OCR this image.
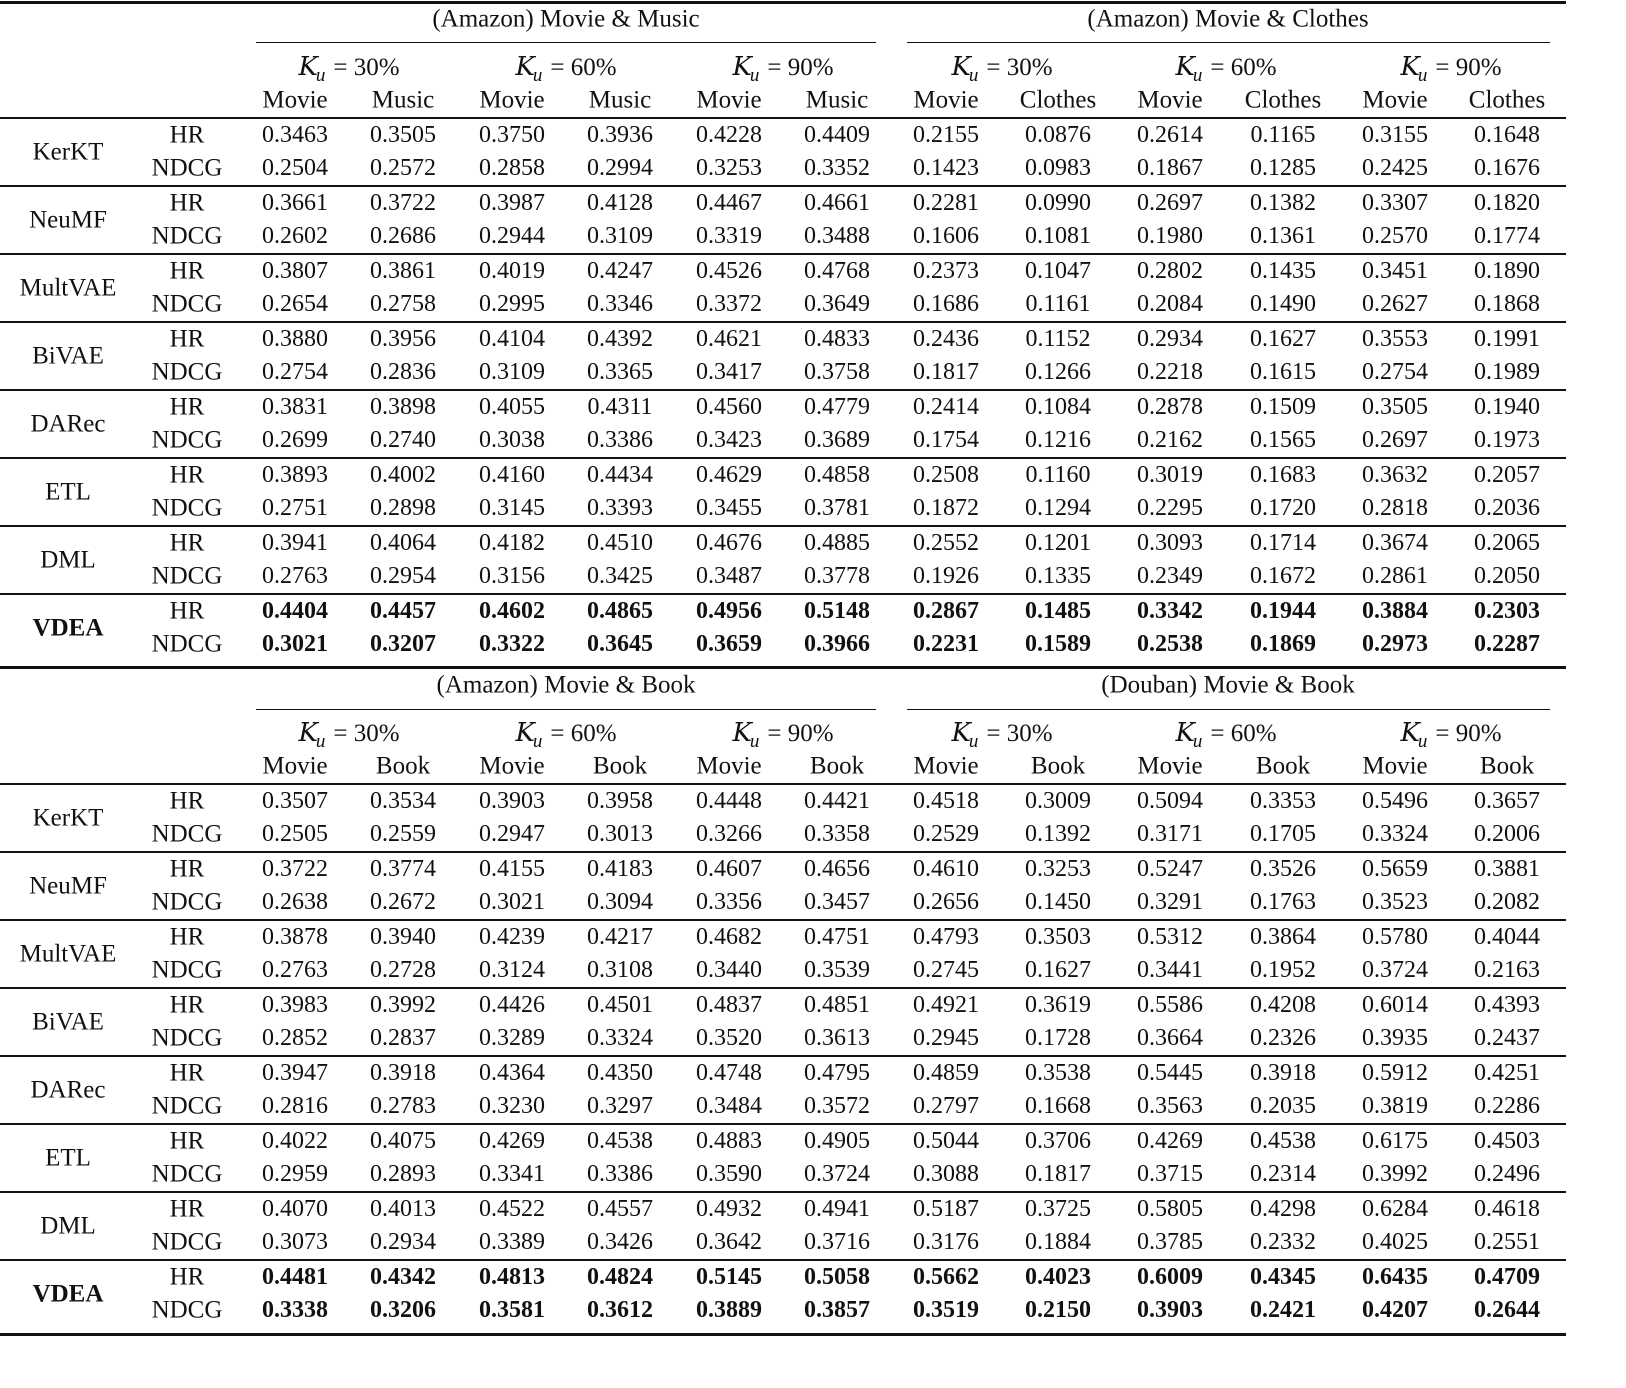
(Amazon) Movie & Music
$K_u = 30\%$
Movie Music
$K_u = 60\%$
Movie Music
$K_u = 90\%$
Movie Music
(Amazon) Movie & Clothes
$K_u = 30\%$
Movie Clothes
$K_u = 60\%$
Movie Clothes
$K_u = 90\%$
Movie Clothes
KerKT
HR 0.3463 0.3505 0.3750 0.3936 0.4228 0.4409 0.2155 0.0876 0.2614 0.1165 0.3155 0.1648
NDCG 0.2504 0.2572 0.2858 0.2994 0.3253 0.3352 0.1423 0.0983 0.1867 0.1285 0.2425 0.1676
NeuMF
HR 0.3661 0.3722 0.3987 0.4128 0.4467 0.4661 0.2281 0.0990 0.2697 0.1382 0.3307 0.1820
NDCG 0.2602 0.2686 0.2944 0.3109 0.3319 0.3488 0.1606 0.1081 0.1980 0.1361 0.2570 0.1774
MultVAE
HR 0.3807 0.3861 0.4019 0.4247 0.4526 0.4768 0.2373 0.1047 0.2802 0.1435 0.3451 0.1890
NDCG 0.2654 0.2758 0.2995 0.3346 0.3372 0.3649 0.1686 0.1161 0.2084 0.1490 0.2627 0.1868
BiVAE
HR 0.3880 0.3956 0.4104 0.4392 0.4621 0.4833 0.2436 0.1152 0.2934 0.1627 0.3553 0.1991
NDCG 0.2754 0.2836 0.3109 0.3365 0.3417 0.3758 0.1817 0.1266 0.2218 0.1615 0.2754 0.1989
DARec
HR 0.3831 0.3898 0.4055 0.4311 0.4560 0.4779 0.2414 0.1084 0.2878 0.1509 0.3505 0.1940
NDCG 0.2699 0.2740 0.3038 0.3386 0.3423 0.3689 0.1754 0.1216 0.2162 0.1565 0.2697 0.1973
ETL
HR 0.3893 0.4002 0.4160 0.4434 0.4629 0.4858 0.2508 0.1160 0.3019 0.1683 0.3632 0.2057
NDCG 0.2751 0.2898 0.3145 0.3393 0.3455 0.3781 0.1872 0.1294 0.2295 0.1720 0.2818 0.2036
DML
HR 0.3941 0.4064 0.4182 0.4510 0.4676 0.4885 0.2552 0.1201 0.3093 0.1714 0.3674 0.2065
NDCG 0.2763 0.2954 0.3156 0.3425 0.3487 0.3778 0.1926 0.1335 0.2349 0.1672 0.2861 0.2050
VDEA
HR 0.4404 0.4457 0.4602 0.4865 0.4956 0.5148 0.2867 0.1485 0.3342 0.1944 0.3884 0.2303
NDCG 0.3021 0.3207 0.3322 0.3645 0.3659 0.3966 0.2231 0.1589 0.2538 0.1869 0.2973 0.2287
(Amazon) Movie & Book
$K_u = 30\%$
Movie Book
$K_u = 60\%$
Movie Book
$K_u = 90\%$
Movie Book
(Douban) Movie & Book
$K_u = 30\%$
Movie Book
$K_u = 60\%$
Movie Book
$K_u = 90\%$
Movie Book
KerKT
HR 0.3507 0.3534 0.3903 0.3958 0.4448 0.4421 0.4518 0.3009 0.5094 0.3353 0.5496 0.3657
NDCG 0.2505 0.2559 0.2947 0.3013 0.3266 0.3358 0.2529 0.1392 0.3171 0.1705 0.3324 0.2006
NeuMF
HR 0.3722 0.3774 0.4155 0.4183 0.4607 0.4656 0.4610 0.3253 0.5247 0.3526 0.5659 0.3881
NDCG 0.2638 0.2672 0.3021 0.3094 0.3356 0.3457 0.2656 0.1450 0.3291 0.1763 0.3523 0.2082
MultVAE
HR 0.3878 0.3940 0.4239 0.4217 0.4682 0.4751 0.4793 0.3503 0.5312 0.3864 0.5780 0.4044
NDCG 0.2763 0.2728 0.3124 0.3108 0.3440 0.3539 0.2745 0.1627 0.3441 0.1952 0.3724 0.2163
BiVAE
HR 0.3983 0.3992 0.4426 0.4501 0.4837 0.4851 0.4921 0.3619 0.5586 0.4208 0.6014 0.4393
NDCG 0.2852 0.2837 0.3289 0.3324 0.3520 0.3613 0.2945 0.1728 0.3664 0.2326 0.3935 0.2437
DARec
HR 0.3947 0.3918 0.4364 0.4350 0.4748 0.4795 0.4859 0.3538 0.5445 0.3918 0.5912 0.4251
NDCG 0.2816 0.2783 0.3230 0.3297 0.3484 0.3572 0.2797 0.1668 0.3563 0.2035 0.3819 0.2286
ETL
HR 0.4022 0.4075 0.4269 0.4538 0.4883 0.4905 0.5044 0.3706 0.4269 0.4538 0.6175 0.4503
NDCG 0.2959 0.2893 0.3341 0.3386 0.3590 0.3724 0.3088 0.1817 0.3715 0.2314 0.3992 0.2496
DML
HR 0.4070 0.4013 0.4522 0.4557 0.4932 0.4941 0.5187 0.3725 0.5805 0.4298 0.6284 0.4618
NDCG 0.3073 0.2934 0.3389 0.3426 0.3642 0.3716 0.3176 0.1884 0.3785 0.2332 0.4025 0.2551
VDEA
HR 0.4481 0.4342 0.4813 0.4824 0.5145 0.5058 0.5662 0.4023 0.6009 0.4345 0.6435 0.4709
NDCG 0.3338 0.3206 0.3581 0.3612 0.3889 0.3857 0.3519 0.2150 0.3903 0.2421 0.4207 0.2644
